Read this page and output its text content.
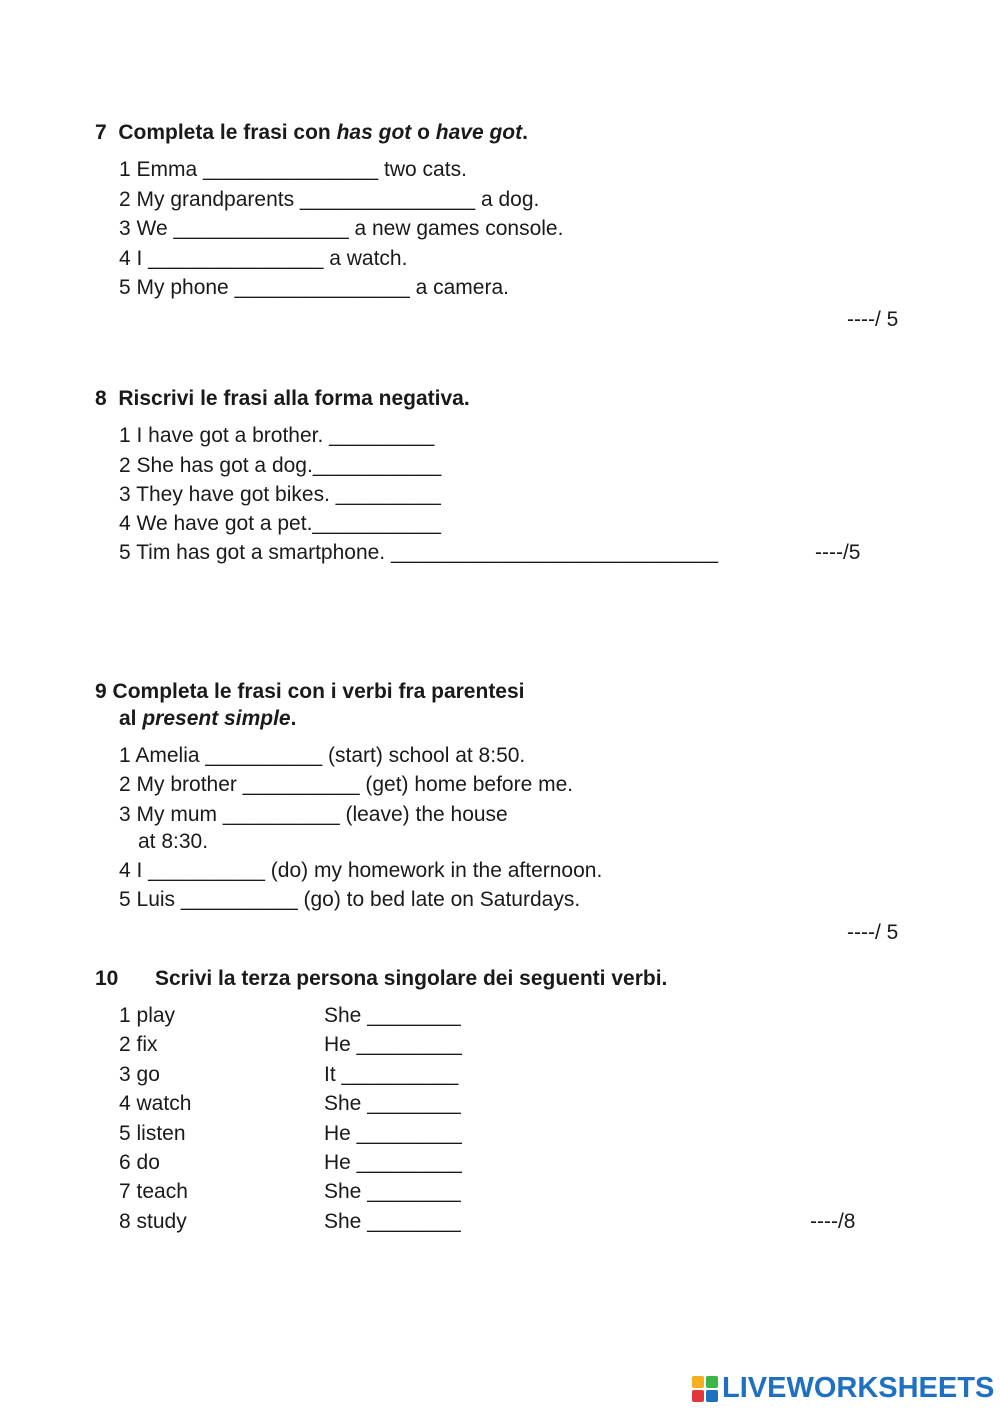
7 Completa le frasi con has got o have got.
1 Emma _______________ two cats.
2 My grandparents _______________ a dog.
3 We _______________ a new games console.
4 I _______________ a watch.
5 My phone _______________ a camera.
----/ 5
8 Riscrivi le frasi alla forma negativa.
1 I have got a brother. _________
2 She has got a dog.___________
3 They have got bikes. _________
4 We have got a pet.___________
5 Tim has got a smartphone. ____________________________	----/5
9 Completa le frasi con i verbi fra parentesi
al present simple.
1 Amelia __________ (start) school at 8:50.
2 My brother __________ (get) home before me.
3 My mum __________ (leave) the house
at 8:30.
4 I __________ (do) my homework in the afternoon.
5 Luis __________ (go) to bed late on Saturdays.
----/ 5
10 Scrivi la terza persona singolare dei seguenti verbi.
1 play	She ________
2 fix	He _________
3 go	It __________
4 watch	She ________
5 listen	He _________
6 do	He _________
7 teach	She ________
8 study	She ________	----/8
LIVEWORKSHEETS
